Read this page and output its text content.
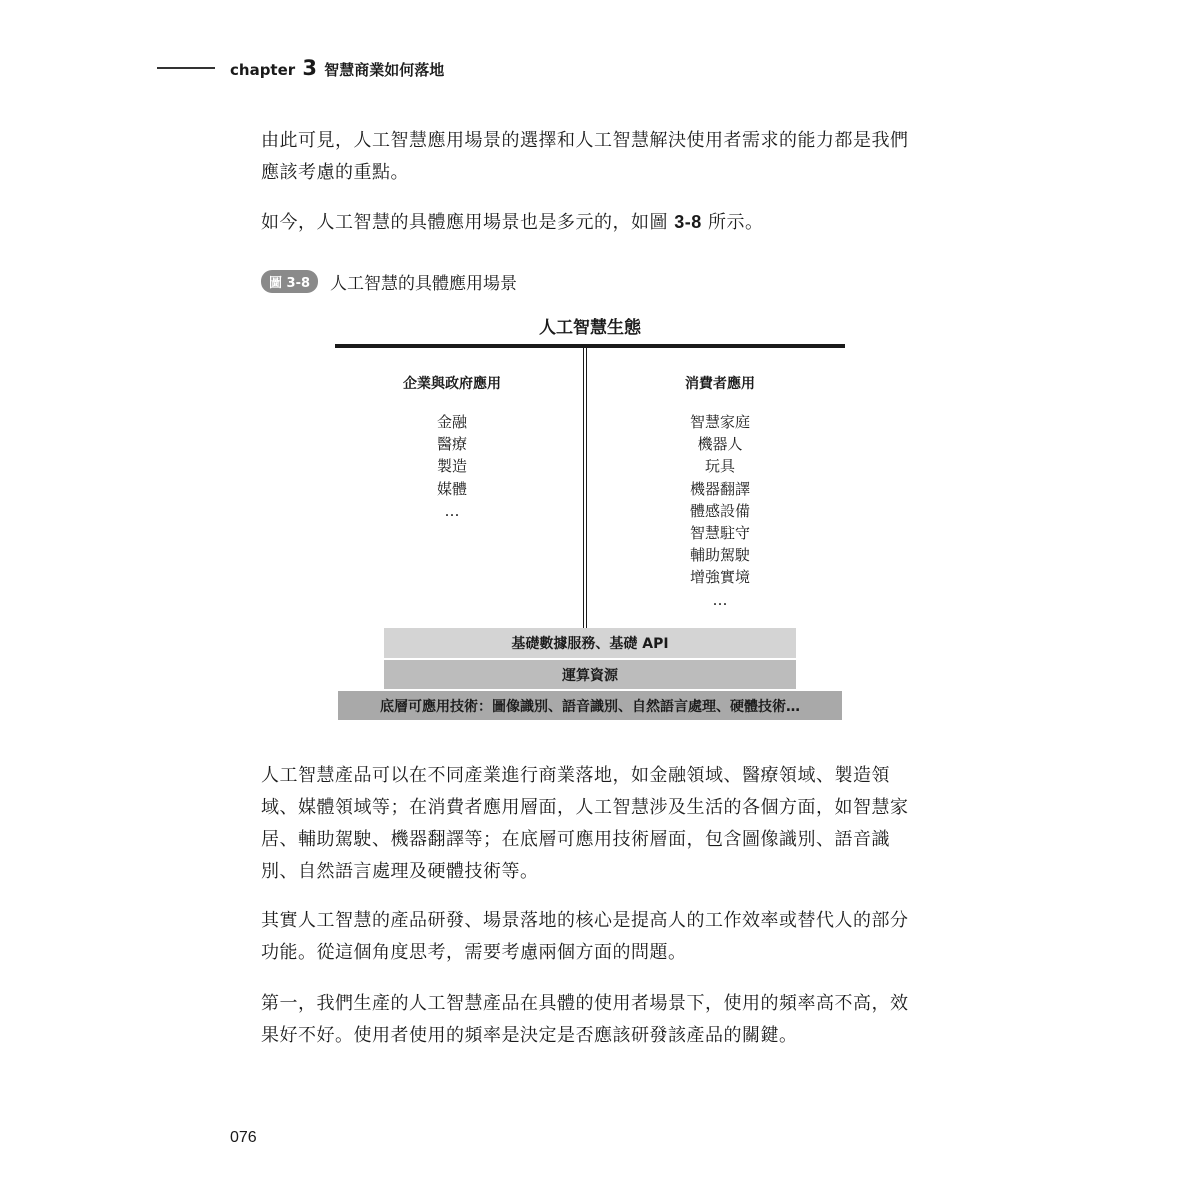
chapter 3 智慧商業如何落地

由此可見，人工智慧應用場景的選擇和人工智慧解決使用者需求的能力都是我們應該考慮的重點。

如今，人工智慧的具體應用場景也是多元的，如圖 3-8 所示。

圖 3-8	人工智慧的具體應用場景
人工智慧生態
企業與政府應用
金融
醫療
製造
媒體
…
消費者應用
智慧家庭
機器人
玩具
機器翻譯
體感設備
智慧駐守
輔助駕駛
增強實境
…
基礎數據服務、基礎 API
運算資源
底層可應用技術：圖像識別、語音識別、自然語言處理、硬體技術…

人工智慧產品可以在不同產業進行商業落地，如金融領域、醫療領域、製造領域、媒體領域等；在消費者應用層面，人工智慧涉及生活的各個方面，如智慧家居、輔助駕駛、機器翻譯等；在底層可應用技術層面，包含圖像識別、語音識別、自然語言處理及硬體技術等。

其實人工智慧的產品研發、場景落地的核心是提高人的工作效率或替代人的部分功能。從這個角度思考，需要考慮兩個方面的問題。

第一，我們生產的人工智慧產品在具體的使用者場景下，使用的頻率高不高，效果好不好。使用者使用的頻率是決定是否應該研發該產品的關鍵。

076
